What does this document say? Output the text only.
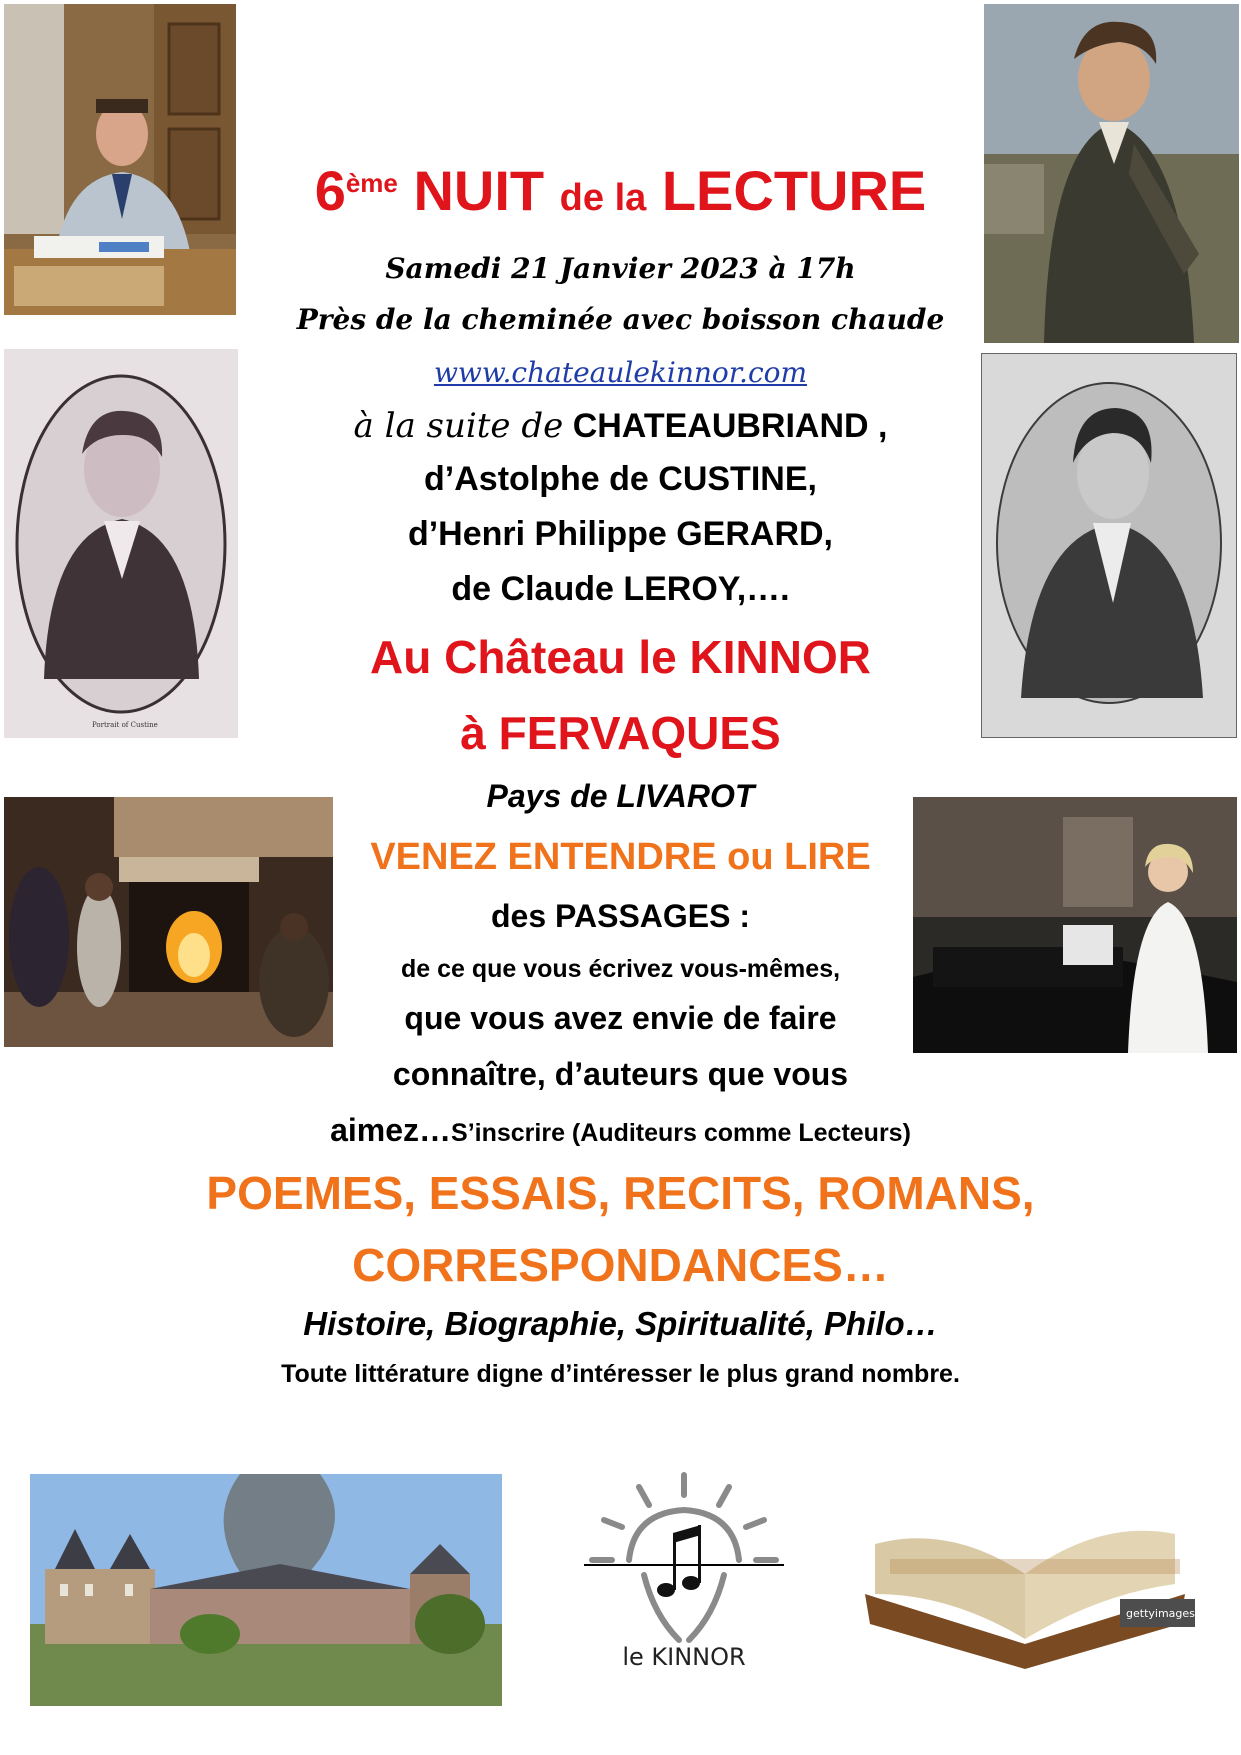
Portrait of Custine
le KINNOR
gettyimages
6ème NUIT de la LECTURE
Samedi 21 Janvier 2023 à 17h
Près de la cheminée avec boisson chaude
www.chateaulekinnor.com
à la suite de CHATEAUBRIAND ,
d’Astolphe de CUSTINE,
d’Henri Philippe GERARD,
de Claude LEROY,….
Au Château le KINNOR
à FERVAQUES
Pays de LIVAROT
VENEZ ENTENDRE ou LIRE
des PASSAGES :
de ce que vous écrivez vous-mêmes,
que vous avez envie de faire
connaître, d’auteurs que vous
aimez…S’inscrire (Auditeurs comme Lecteurs)
POEMES, ESSAIS, RECITS, ROMANS,
CORRESPONDANCES…
Histoire, Biographie, Spiritualité, Philo…
Toute littérature digne d’intéresser le plus grand nombre.
